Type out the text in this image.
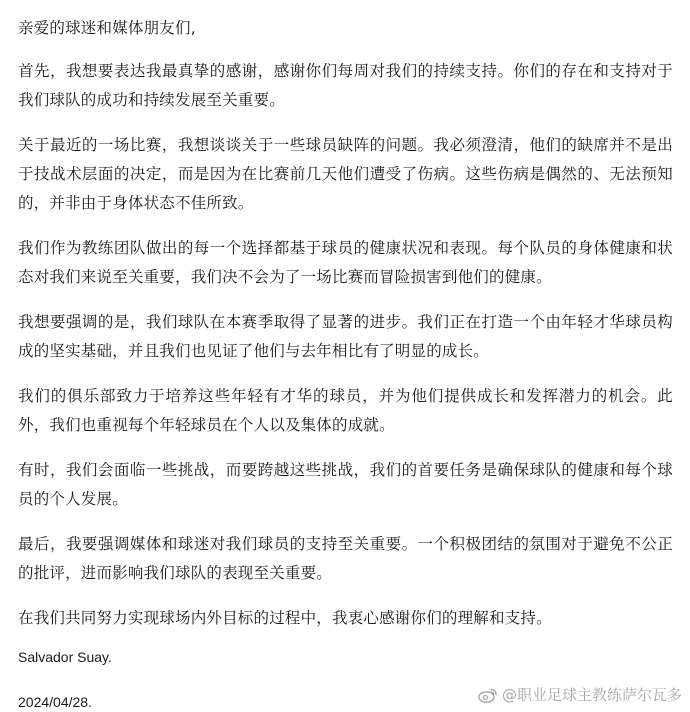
亲爱的球迷和媒体朋友们,

首先，我想要表达我最真挚的感谢，感谢你们每周对我们的持续支持。你们的存在和支持对于我们球队的成功和持续发展至关重要。

关于最近的一场比赛，我想谈谈关于一些球员缺阵的问题。我必须澄清，他们的缺席并不是出于技战术层面的决定，而是因为在比赛前几天他们遭受了伤病。这些伤病是偶然的、无法预知的，并非由于身体状态不佳所致。

我们作为教练团队做出的每一个选择都基于球员的健康状况和表现。每个队员的身体健康和状态对我们来说至关重要，我们决不会为了一场比赛而冒险损害到他们的健康。

我想要强调的是，我们球队在本赛季取得了显著的进步。我们正在打造一个由年轻才华球员构成的坚实基础，并且我们也见证了他们与去年相比有了明显的成长。

我们的俱乐部致力于培养这些年轻有才华的球员，并为他们提供成长和发挥潜力的机会。此外，我们也重视每个年轻球员在个人以及集体的成就。

有时，我们会面临一些挑战，而要跨越这些挑战，我们的首要任务是确保球队的健康和每个球员的个人发展。

最后，我要强调媒体和球迷对我们球员的支持至关重要。一个积极团结的氛围对于避免不公正的批评，进而影响我们球队的表现至关重要。

在我们共同努力实现球场内外目标的过程中，我衷心感谢你们的理解和支持。

Salvador Suay.

2024/04/28.	@职业足球主教练萨尔瓦多
